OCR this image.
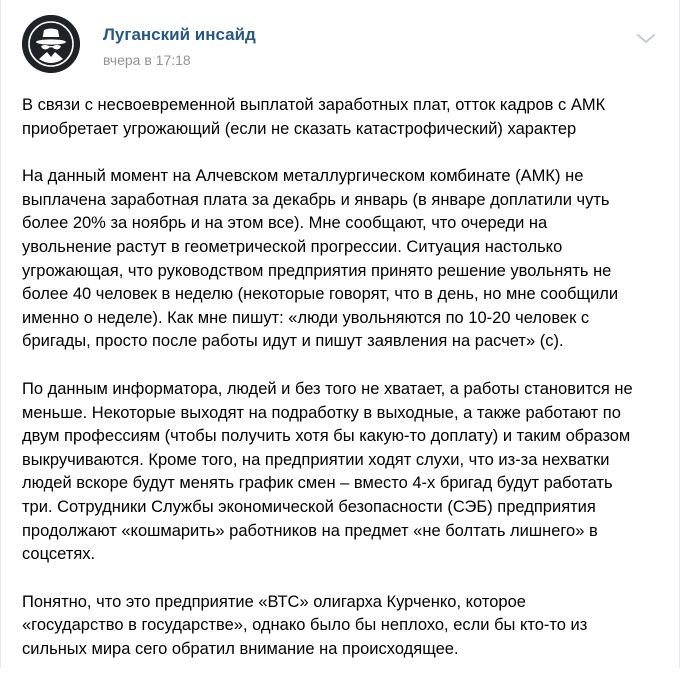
Луганский инсайд
вчера в 17:18

В связи с несвоевременной выплатой заработных плат, отток кадров с АМК
приобретает угрожающий (если не сказать катастрофический) характер

На данный момент на Алчевском металлургическом комбинате (АМК) не
выплачена заработная плата за декабрь и январь (в январе доплатили чуть
более 20% за ноябрь и на этом все). Мне сообщают, что очереди на
увольнение растут в геометрической прогрессии. Ситуация настолько
угрожающая, что руководством предприятия принято решение увольнять не
более 40 человек в неделю (некоторые говорят, что в день, но мне сообщили
именно о неделе). Как мне пишут: «люди увольняются по 10-20 человек с
бригады, просто после работы идут и пишут заявления на расчет» (с).

По данным информатора, людей и без того не хватает, а работы становится не
меньше. Некоторые выходят на подработку в выходные, а также работают по
двум профессиям (чтобы получить хотя бы какую-то доплату) и таким образом
выкручиваются. Кроме того, на предприятии ходят слухи, что из-за нехватки
людей вскоре будут менять график смен – вместо 4-х бригад будут работать
три. Сотрудники Службы экономической безопасности (СЭБ) предприятия
продолжают «кошмарить» работников на предмет «не болтать лишнего» в
соцсетях.

Понятно, что это предприятие «ВТС» олигарха Курченко, которое
«государство в государстве», однако было бы неплохо, если бы кто-то из
сильных мира сего обратил внимание на происходящее.
